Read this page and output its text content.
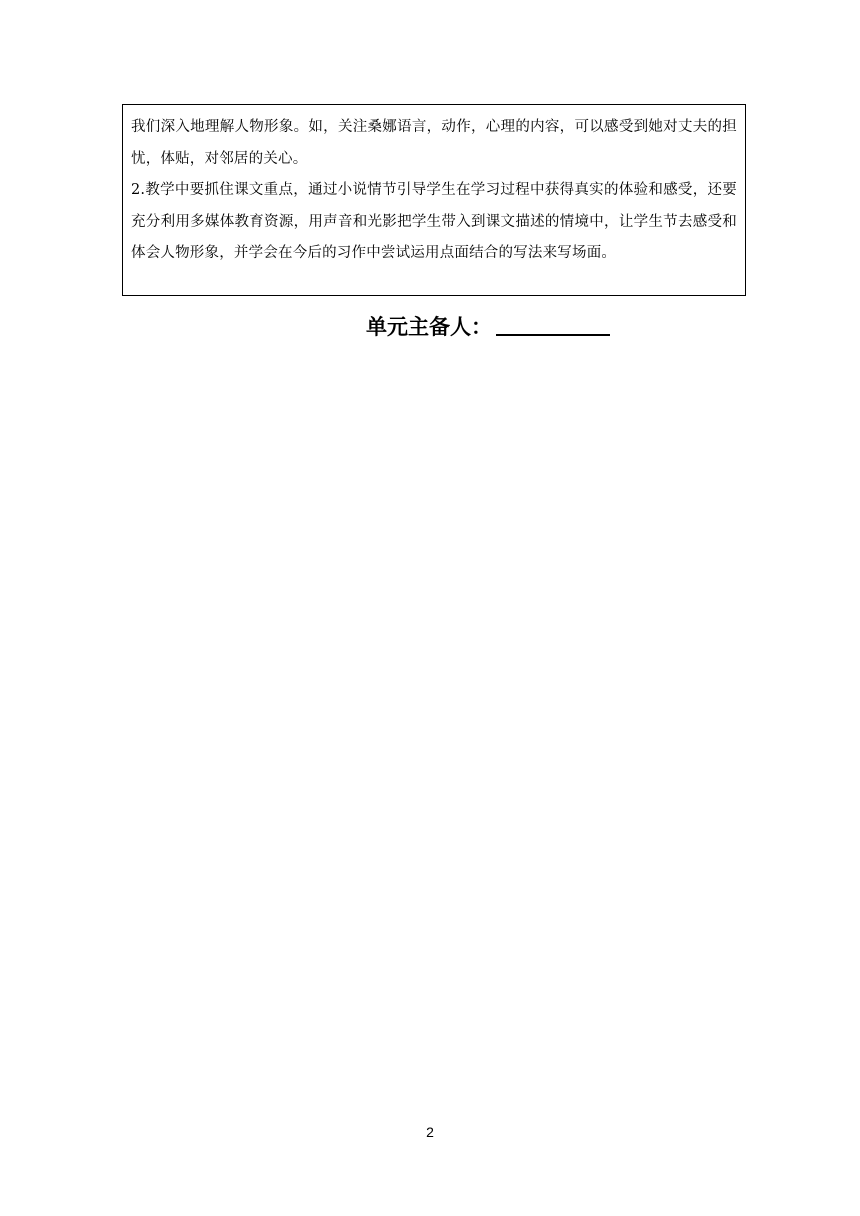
我们深入地理解人物形象。如，关注桑娜语言，动作，心理的内容，可以感受到她对丈夫的担忧，体贴，对邻居的关心。

2.教学中要抓住课文重点，通过小说情节引导学生在学习过程中获得真实的体验和感受，还要充分利用多媒体教育资源，用声音和光影把学生带入到课文描述的情境中，让学生节去感受和体会人物形象，并学会在今后的习作中尝试运用点面结合的写法来写场面。

单元主备人：
2
